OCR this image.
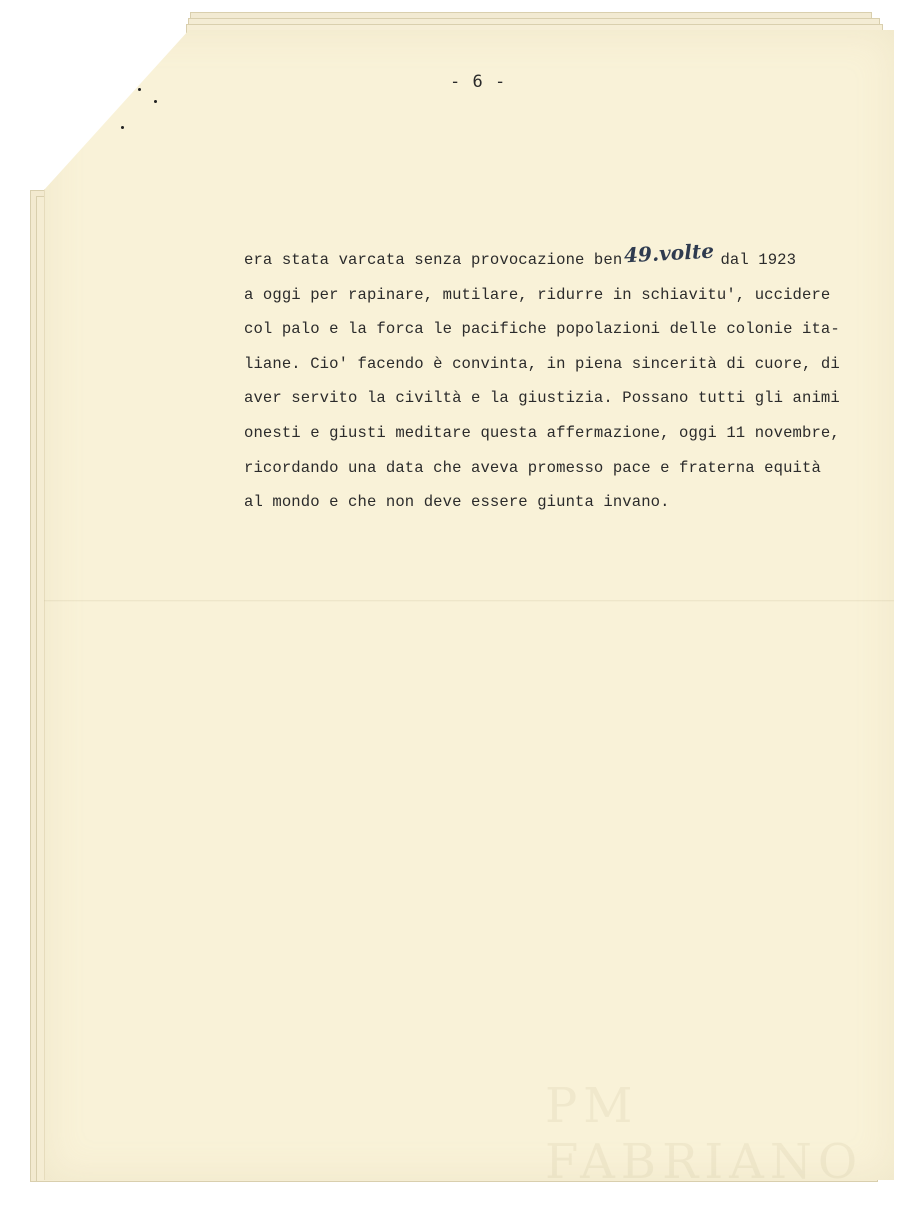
- 6 -
era stata varcata senza provocazione ben49.volte dal 1923
a oggi per rapinare, mutilare, ridurre in schiavitu', uccidere
col palo e la forca le pacifiche popolazioni delle colonie ita-
liane. Cio' facendo è convinta, in piena sincerità di cuore, di
aver servito la civiltà e la giustizia. Possano tutti gli animi
onesti e giusti meditare questa affermazione, oggi 11 novembre,
ricordando una data che aveva promesso pace e fraterna equità
al mondo e che non deve essere giunta invano.
PM FABRIANO
